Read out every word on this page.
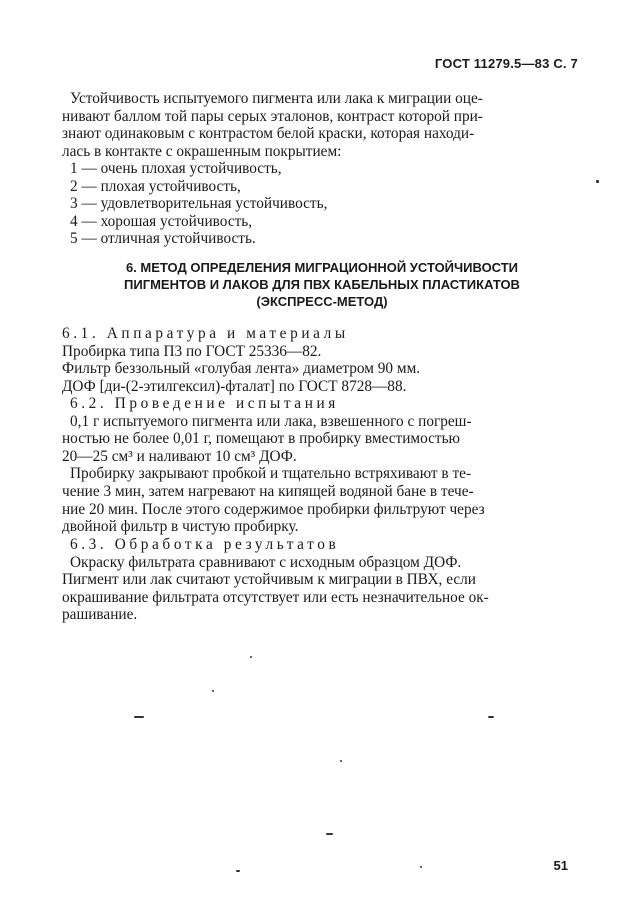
ГОСТ 11279.5—83 С. 7
Устойчивость испытуемого пигмента или лака к миграции оце-
нивают баллом той пары серых эталонов, контраст которой при-
знают одинаковым с контрастом белой краски, которая находи-
лась в контакте с окрашенным покрытием:
1 — очень плохая устойчивость,
2 — плохая устойчивость,
3 — удовлетворительная устойчивость,
4 — хорошая устойчивость,
5 — отличная устойчивость.
6. МЕТОД ОПРЕДЕЛЕНИЯ МИГРАЦИОННОЙ УСТОЙЧИВОСТИ
ПИГМЕНТОВ И ЛАКОВ ДЛЯ ПВХ КАБЕЛЬНЫХ ПЛАСТИКАТОВ
(ЭКСПРЕСС-МЕТОД)
6.1. Аппаратура и материалы
Пробирка типа П3 по ГОСТ 25336—82.
Фильтр беззольный «голубая лента» диаметром 90 мм.
ДОФ [ди-(2-этилгексил)-фталат] по ГОСТ 8728—88.
6.2. Проведение испытания
0,1 г испытуемого пигмента или лака, взвешенного с погреш-
ностью не более 0,01 г, помещают в пробирку вместимостью
20—25 см³ и наливают 10 см³ ДОФ.
Пробирку закрывают пробкой и тщательно встряхивают в те-
чение 3 мин, затем нагревают на кипящей водяной бане в тече-
ние 20 мин. После этого содержимое пробирки фильтруют через
двойной фильтр в чистую пробирку.
6.3. Обработка результатов
Окраску фильтрата сравнивают с исходным образцом ДОФ.
Пигмент или лак считают устойчивым к миграции в ПВХ, если
окрашивание фильтрата отсутствует или есть незначительное ок-
рашивание.
51
